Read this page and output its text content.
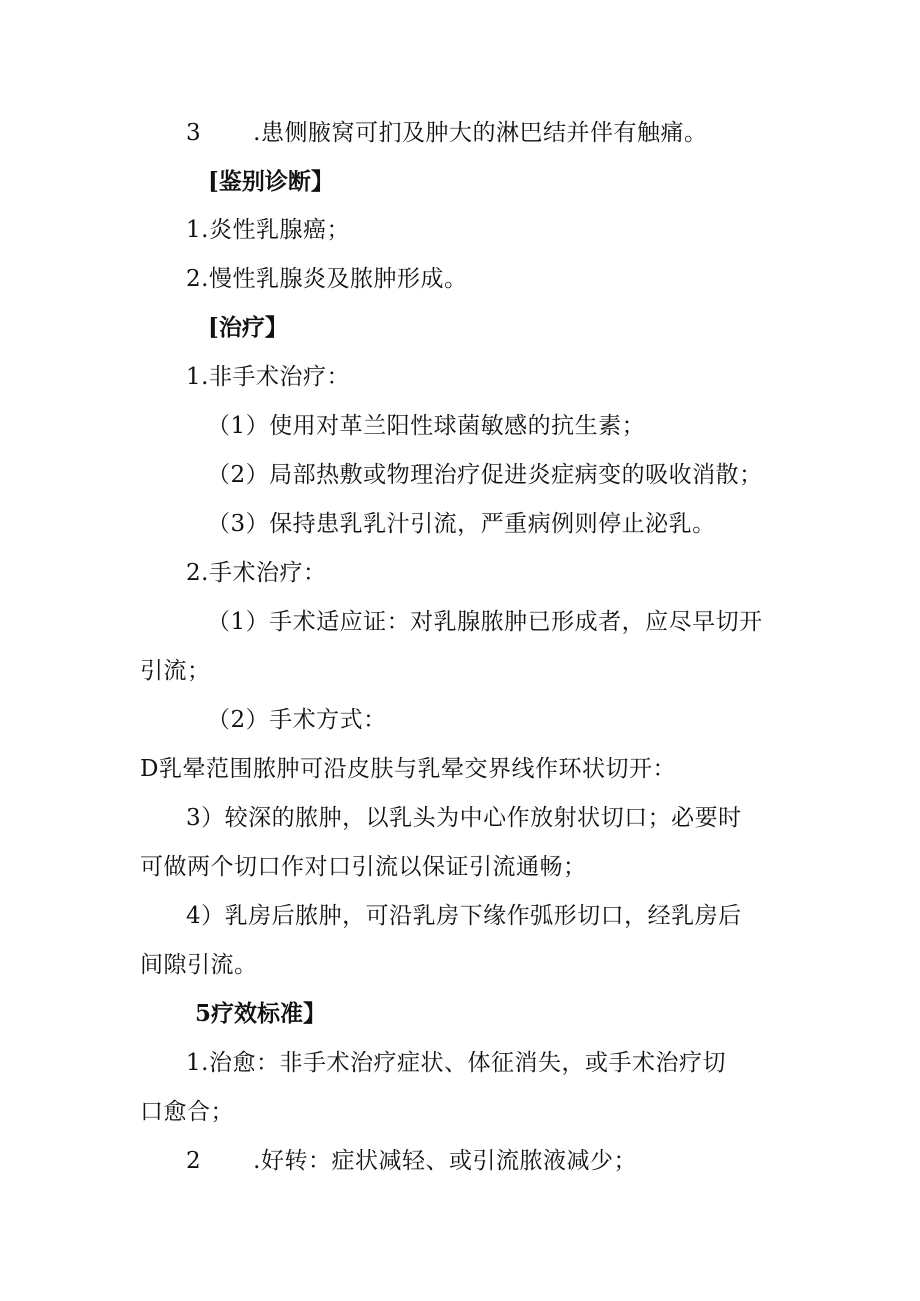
3 .患侧腋窝可扪及肿大的淋巴结并伴有触痛。
[鉴别诊断】
1.炎性乳腺癌；
2.慢性乳腺炎及脓肿形成。
[治疗】
1.非手术治疗：
（1）使用对革兰阳性球菌敏感的抗生素；
（2）局部热敷或物理治疗促进炎症病变的吸收消散；
（3）保持患乳乳汁引流，严重病例则停止泌乳。
2.手术治疗：
（1）手术适应证：对乳腺脓肿已形成者，应尽早切开
引流；
（2）手术方式：
D乳晕范围脓肿可沿皮肤与乳晕交界线作环状切开：
3）较深的脓肿，以乳头为中心作放射状切口；必要时
可做两个切口作对口引流以保证引流通畅；
4）乳房后脓肿，可沿乳房下缘作弧形切口，经乳房后
间隙引流。
5疗效标准】
1.治愈：非手术治疗症状、体征消失，或手术治疗切
口愈合；
2 .好转：症状减轻、或引流脓液减少；
